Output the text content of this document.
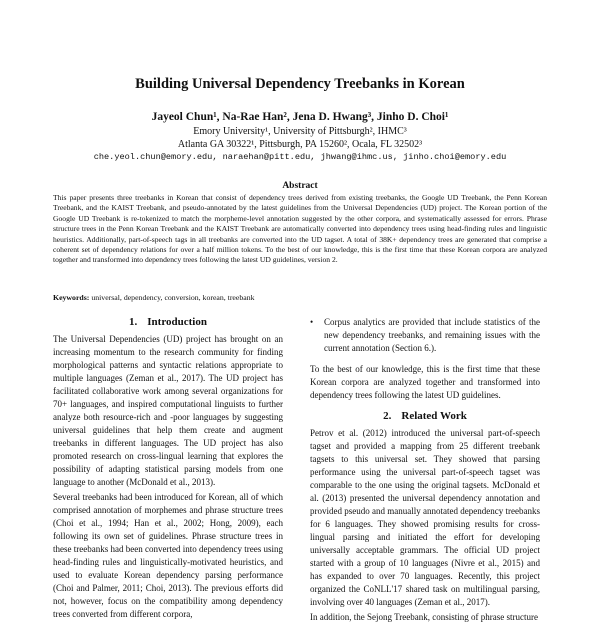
Building Universal Dependency Treebanks in Korean
Jayeol Chun¹, Na-Rae Han², Jena D. Hwang³, Jinho D. Choi¹
Emory University¹, University of Pittsburgh², IHMC³
Atlanta GA 30322¹, Pittsburgh, PA 15260², Ocala, FL 32502³
che.yeol.chun@emory.edu, naraehan@pitt.edu, jhwang@ihmc.us, jinho.choi@emory.edu
Abstract
This paper presents three treebanks in Korean that consist of dependency trees derived from existing treebanks, the Google UD Treebank, the Penn Korean Treebank, and the KAIST Treebank, and pseudo-annotated by the latest guidelines from the Universal Dependencies (UD) project. The Korean portion of the Google UD Treebank is re-tokenized to match the morpheme-level annotation suggested by the other corpora, and systematically assessed for errors. Phrase structure trees in the Penn Korean Treebank and the KAIST Treebank are automatically converted into dependency trees using head-finding rules and linguistic heuristics. Additionally, part-of-speech tags in all treebanks are converted into the UD tagset. A total of 38K+ dependency trees are generated that comprise a coherent set of dependency relations for over a half million tokens. To the best of our knowledge, this is the first time that these Korean corpora are analyzed together and transformed into dependency trees following the latest UD guidelines, version 2.
Keywords: universal, dependency, conversion, korean, treebank
1. Introduction

The Universal Dependencies (UD) project has brought on an increasing momentum to the research community for finding morphological patterns and syntactic relations appropriate to multiple languages (Zeman et al., 2017). The UD project has facilitated collaborative work among several organizations for 70+ languages, and inspired computational linguists to further analyze both resource-rich and -poor languages by suggesting universal guidelines that help them create and augment treebanks in different languages. The UD project has also promoted research on cross-lingual learning that explores the possibility of adapting statistical parsing models from one language to another (McDonald et al., 2013).

Several treebanks had been introduced for Korean, all of which comprised annotation of morphemes and phrase structure trees (Choi et al., 1994; Han et al., 2002; Hong, 2009), each following its own set of guidelines. Phrase structure trees in these treebanks had been converted into dependency trees using head-finding rules and linguistically-motivated heuristics, and used to evaluate Korean dependency parsing performance (Choi and Palmer, 2011; Choi, 2013). The previous efforts did not, however, focus on the compatibility among dependency trees converted from different corpora,

•	Corpus analytics are provided that include statistics of the new dependency treebanks, and remaining issues with the current annotation (Section 6.).

To the best of our knowledge, this is the first time that these Korean corpora are analyzed together and transformed into dependency trees following the latest UD guidelines.

2. Related Work

Petrov et al. (2012) introduced the universal part-of-speech tagset and provided a mapping from 25 different treebank tagsets to this universal set. They showed that parsing performance using the universal part-of-speech tagset was comparable to the one using the original tagsets. McDonald et al. (2013) presented the universal dependency annotation and provided pseudo and manually annotated dependency treebanks for 6 languages. They showed promising results for cross-lingual parsing and initiated the effort for developing universally acceptable grammars. The official UD project started with a group of 10 languages (Nivre et al., 2015) and has expanded to over 70 languages. Recently, this project organized the CoNLL'17 shared task on multilingual parsing, involving over 40 languages (Zeman et al., 2017).

In addition, the Sejong Treebank, consisting of phrase structure
